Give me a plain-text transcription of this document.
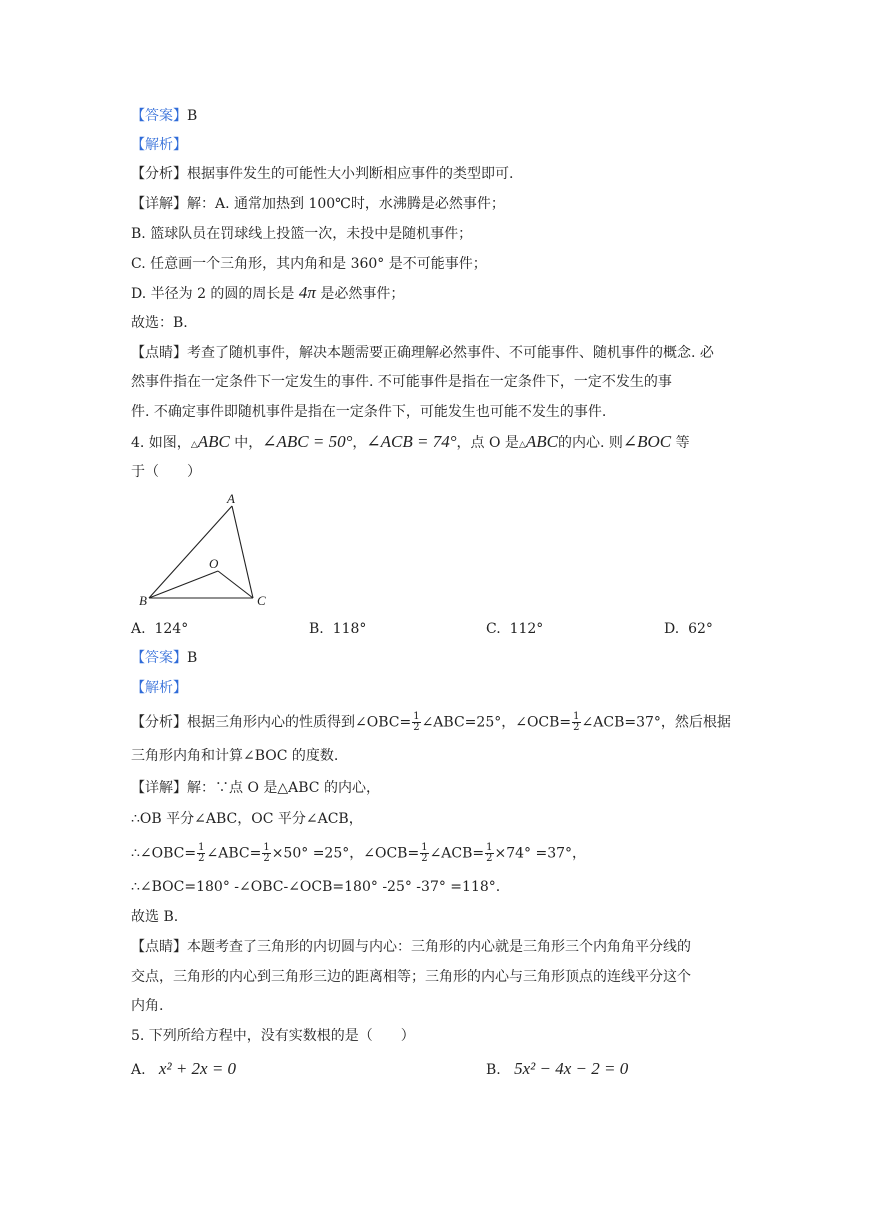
【答案】B
【解析】
【分析】根据事件发生的可能性大小判断相应事件的类型即可.
【详解】解：A. 通常加热到 100℃时，水沸腾是必然事件；
B. 篮球队员在罚球线上投篮一次，未投中是随机事件；
C. 任意画一个三角形，其内角和是 360° 是不可能事件；
D. 半径为 2 的圆的周长是 4π 是必然事件；
故选：B.
【点睛】考查了随机事件，解决本题需要正确理解必然事件、不可能事件、随机事件的概念. 必
然事件指在一定条件下一定发生的事件. 不可能事件是指在一定条件下，一定不发生的事
件. 不确定事件即随机事件是指在一定条件下，可能发生也可能不发生的事件.
4. 如图，△ABC 中，∠ABC = 50°，∠ACB = 74°，点 O 是△ABC的内心. 则∠BOC 等
于（　　）
A
B	C
O
A. 124°	B. 118°	C. 112°	D. 62°
【答案】B
【解析】
【分析】根据三角形内心的性质得到∠OBC= $\frac{1}{2}$ ∠ABC=25°，∠OCB= $\frac{1}{2}$ ∠ACB=37°，然后根据
三角形内角和计算∠BOC 的度数.
【详解】解：∵点 O 是△ABC 的内心，
∴OB 平分∠ABC，OC 平分∠ACB，
∴∠OBC= $\frac{1}{2}$ ∠ABC= $\frac{1}{2} \times 50^\circ =25^\circ$，∠OCB= $\frac{1}{2}$ ∠ACB= $\frac{1}{2} \times 74^\circ =37^\circ$，
∴∠BOC=180° -∠OBC-∠OCB=180° -25° -37° =118°.
故选 B.
【点睛】本题考查了三角形的内切圆与内心：三角形的内心就是三角形三个内角角平分线的
交点，三角形的内心到三角形三边的距离相等；三角形的内心与三角形顶点的连线平分这个
内角.
5. 下列所给方程中，没有实数根的是（　　）
A. x² + 2x = 0	B. 5x² − 4x − 2 = 0
